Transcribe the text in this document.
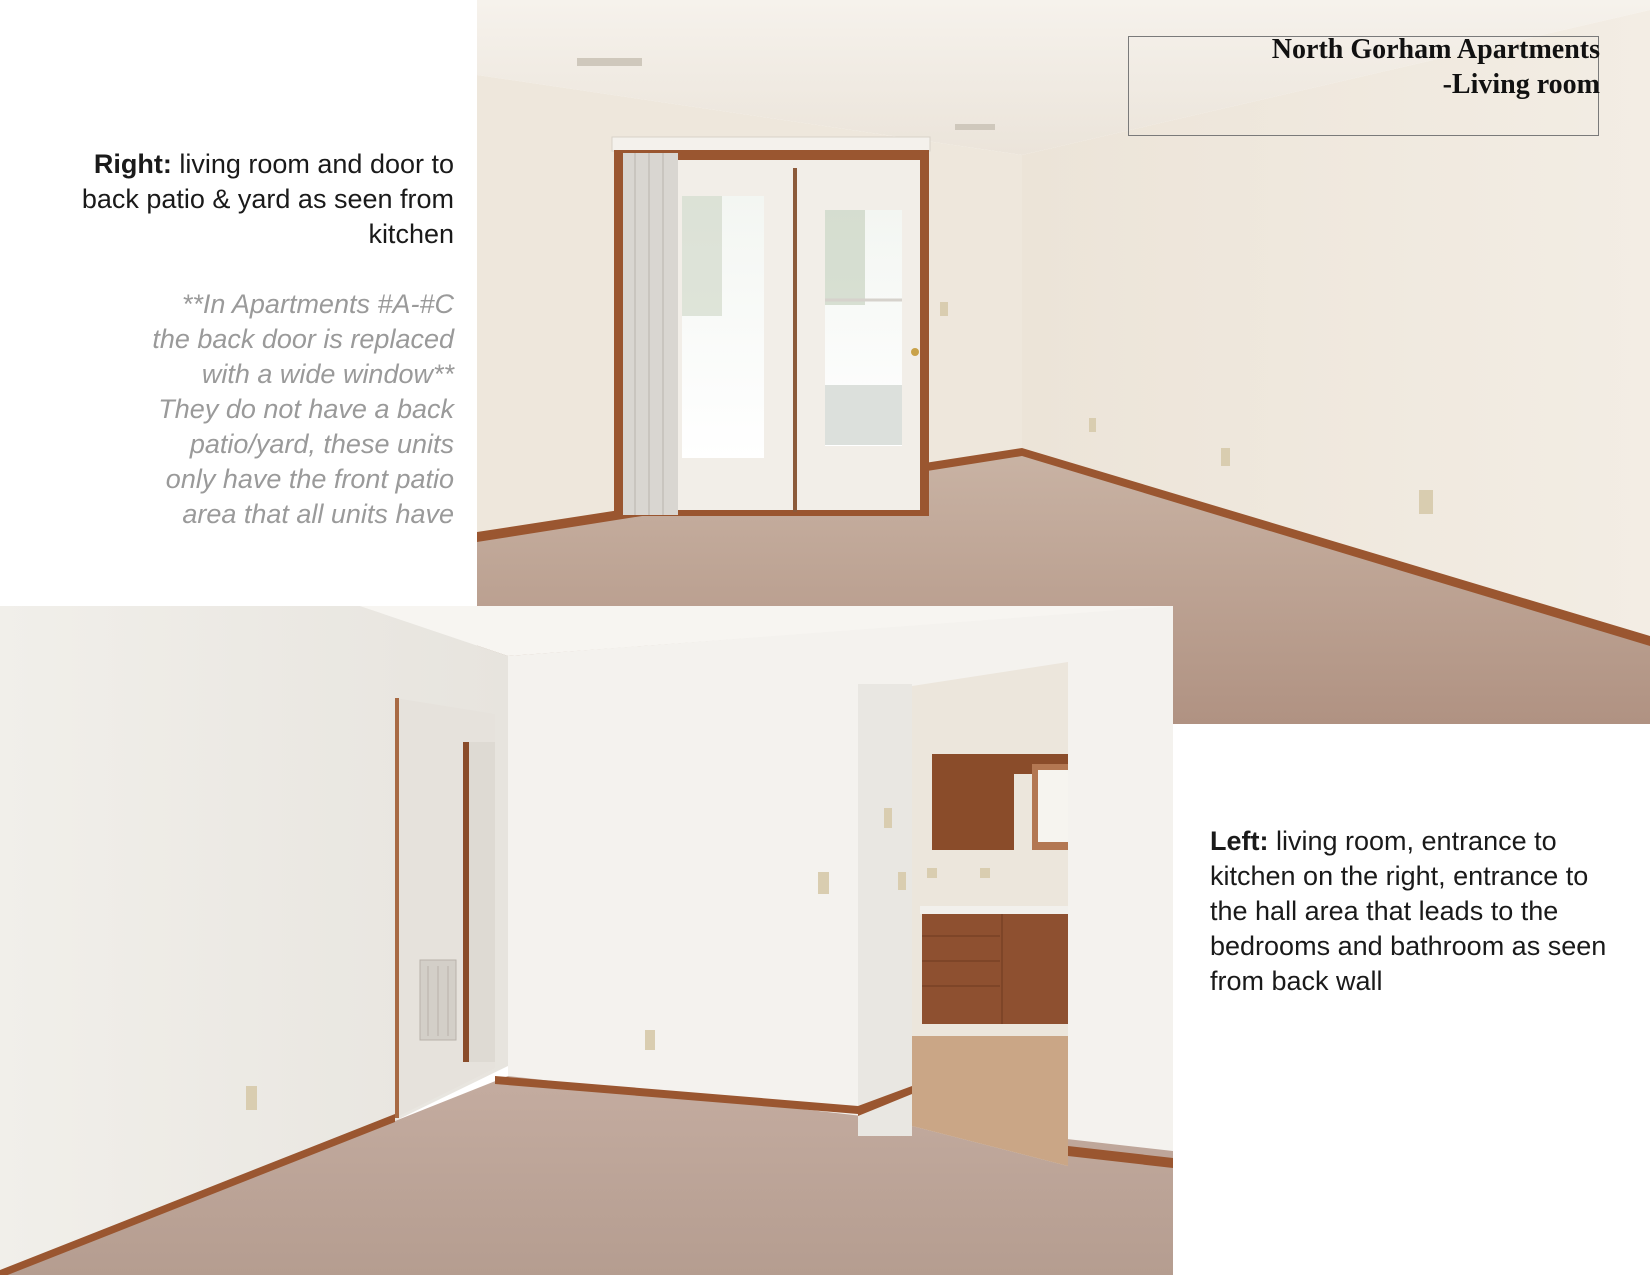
North Gorham Apartments
-Living room
Right: living room and door to back patio & yard as seen from kitchen
**In Apartments #A-#C
the back door is replaced
with a wide window**
They do not have a back
patio/yard, these units
only have the front patio
area that all units have
Left: living room, entrance to kitchen on the right, entrance to the hall area that leads to the bedrooms and bathroom as seen from back wall
